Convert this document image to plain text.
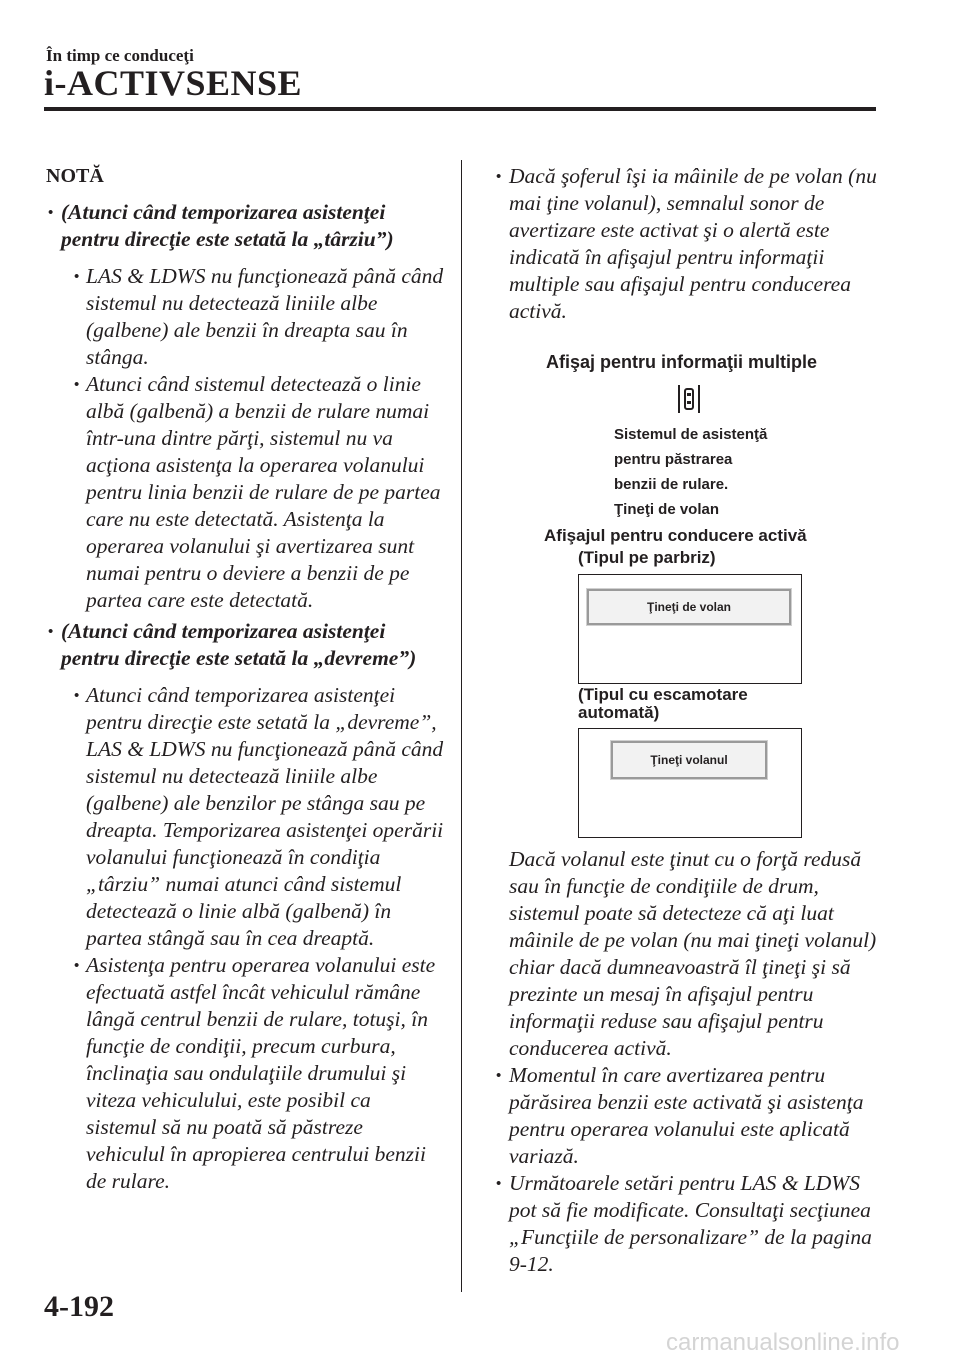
În timp ce conduceţi
i-ACTIVSENSE
NOTĂ
• (Atunci când temporizarea asistenţei pentru direcţie este setată la „târziu”)
• LAS & LDWS nu funcţionează până când sistemul nu detectează liniile albe (galbene) ale benzii în dreapta sau în stânga.
• Atunci când sistemul detectează o linie albă (galbenă) a benzii de rulare numai într-una dintre părţi, sistemul nu va acţiona asistenţa la operarea volanului pentru linia benzii de rulare de pe partea care nu este detectată. Asistenţa la operarea volanului şi avertizarea sunt numai pentru o deviere a benzii de pe partea care este detectată.
• (Atunci când temporizarea asistenţei pentru direcţie este setată la „devreme”)
• Atunci când temporizarea asistenţei pentru direcţie este setată la „devreme”, LAS & LDWS nu funcţionează până când sistemul nu detectează liniile albe (galbene) ale benzilor pe stânga sau pe dreapta. Temporizarea asistenţei operării volanului funcţionează în condiţia „târziu” numai atunci când sistemul detectează o linie albă (galbenă) în partea stângă sau în cea dreaptă.
• Asistenţa pentru operarea volanului este efectuată astfel încât vehiculul rămâne lângă centrul benzii de rulare, totuşi, în funcţie de condiţii, precum curbura, înclinaţia sau ondulaţiile drumului şi viteza vehiculului, este posibil ca sistemul să nu poată să păstreze vehiculul în apropierea centrului benzii de rulare.
• Dacă şoferul îşi ia mâinile de pe volan (nu mai ţine volanul), semnalul sonor de avertizare este activat şi o alertă este indicată în afişajul pentru informaţii multiple sau afişajul pentru conducerea activă.
Afişaj pentru informaţii multiple
Sistemul de asistenţă
pentru păstrarea
benzii de rulare.
Ţineţi de volan
Afişajul pentru conducere activă
(Tipul pe parbriz)
Ţineţi de volan
(Tipul cu escamotare
automată)
Ţineţi volanul
Dacă volanul este ţinut cu o forţă redusă sau în funcţie de condiţiile de drum, sistemul poate să detecteze că aţi luat mâinile de pe volan (nu mai ţineţi volanul) chiar dacă dumneavoastră îl ţineţi şi să prezinte un mesaj în afişajul pentru informaţii reduse sau afişajul pentru conducerea activă.
• Momentul în care avertizarea pentru părăsirea benzii este activată şi asistenţa pentru operarea volanului este aplicată variază.
• Următoarele setări pentru LAS & LDWS pot să fie modificate. Consultaţi secţiunea „Funcţiile de personalizare” de la pagina 9-12.
4-192
carmanualsonline.info
